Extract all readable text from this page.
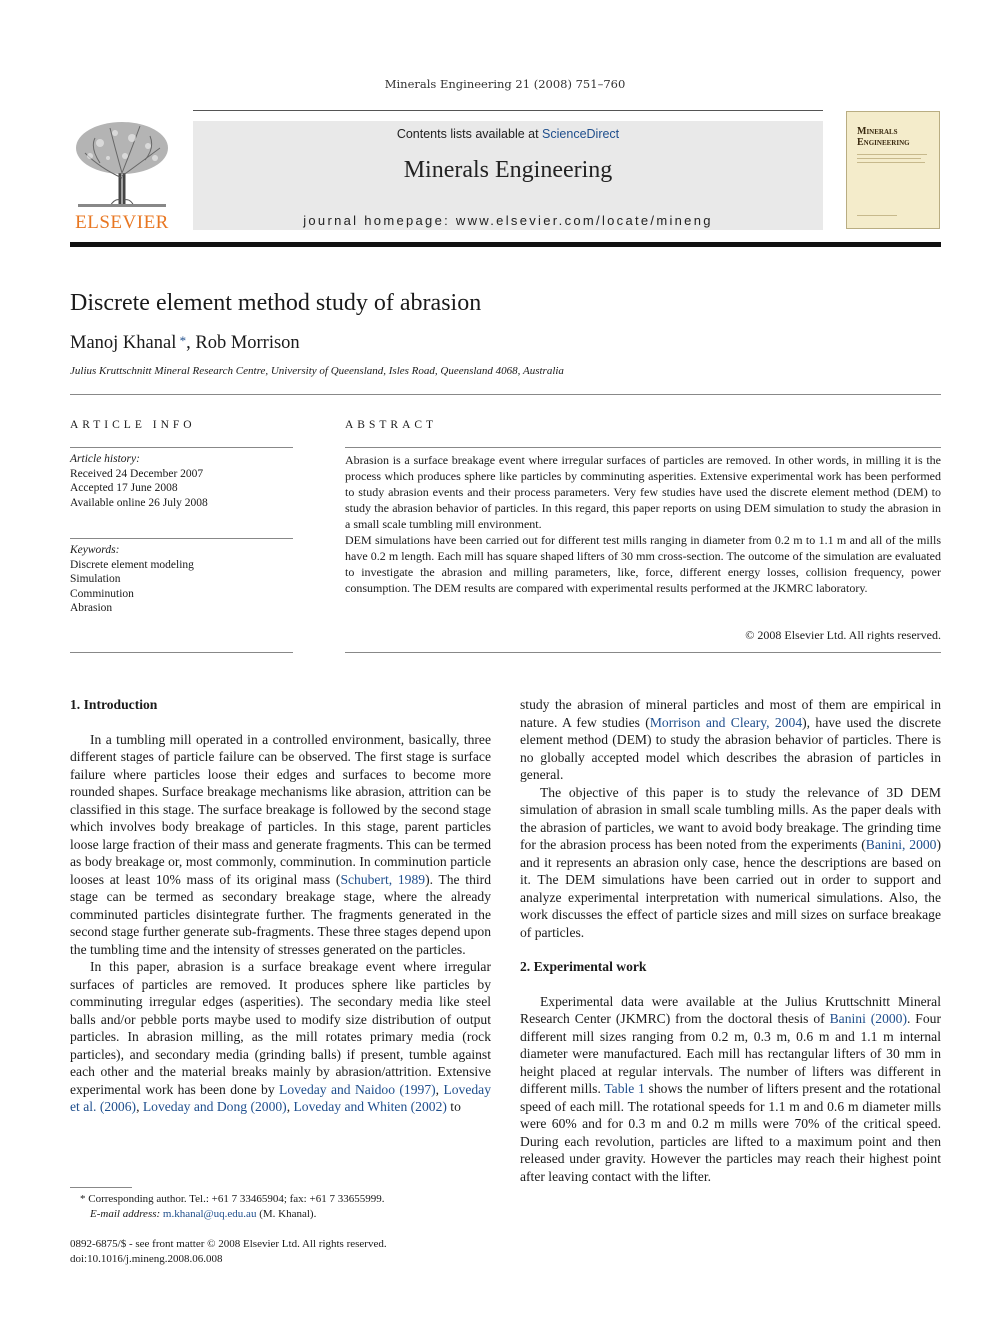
Minerals Engineering 21 (2008) 751–760
ELSEVIER
Contents lists available at ScienceDirect
Minerals Engineering
journal homepage: www.elsevier.com/locate/mineng
Minerals
Engineering
Discrete element method study of abrasion
Manoj Khanal *, Rob Morrison
Julius Kruttschnitt Mineral Research Centre, University of Queensland, Isles Road, Queensland 4068, Australia
ARTICLE INFO
Article history:
Received 24 December 2007
Accepted 17 June 2008
Available online 26 July 2008
Keywords:
Discrete element modeling
Simulation
Comminution
Abrasion
ABSTRACT

Abrasion is a surface breakage event where irregular surfaces of particles are removed. In other words, in milling it is the process which produces sphere like particles by comminuting asperities. Extensive experimental work has been performed to study abrasion events and their process parameters. Very few studies have used the discrete element method (DEM) to study the abrasion behavior of particles. In this regard, this paper reports on using DEM simulation to study the abrasion in a small scale tumbling mill environment.

DEM simulations have been carried out for different test mills ranging in diameter from 0.2 m to 1.1 m and all of the mills have 0.2 m length. Each mill has square shaped lifters of 30 mm cross-section. The outcome of the simulation are evaluated to investigate the abrasion and milling parameters, like, force, different energy losses, collision frequency, power consumption. The DEM results are compared with experimental results performed at the JKMRC laboratory.

© 2008 Elsevier Ltd. All rights reserved.
1. Introduction

In a tumbling mill operated in a controlled environment, basically, three different stages of particle failure can be observed. The first stage is surface failure where particles loose their edges and surfaces to become more rounded shapes. Surface breakage mechanisms like abrasion, attrition can be classified in this stage. The surface breakage is followed by the second stage which involves body breakage of particles. In this stage, parent particles loose large fraction of their mass and generate fragments. This can be termed as body breakage or, most commonly, comminution. In comminution particle looses at least 10% mass of its original mass (Schubert, 1989). The third stage can be termed as secondary breakage stage, where the already comminuted particles disintegrate further. The fragments generated in the second stage further generate sub-fragments. These three stages depend upon the tumbling time and the intensity of stresses generated on the particles.

In this paper, abrasion is a surface breakage event where irregular surfaces of particles are removed. It produces sphere like particles by comminuting irregular edges (asperities). The secondary media like steel balls and/or pebble ports maybe used to modify size distribution of output particles. In abrasion milling, as the mill rotates primary media (rock particles), and secondary media (grinding balls) if present, tumble against each other and the material breaks mainly by abrasion/attrition. Extensive experimental work has been done by Loveday and Naidoo (1997), Loveday et al. (2006), Loveday and Dong (2000), Loveday and Whiten (2002) to

* Corresponding author. Tel.: +61 7 33465904; fax: +61 7 33655999.
E-mail address: m.khanal@uq.edu.au (M. Khanal).
0892-6875/$ - see front matter © 2008 Elsevier Ltd. All rights reserved.
doi:10.1016/j.mineng.2008.06.008

study the abrasion of mineral particles and most of them are empirical in nature. A few studies (Morrison and Cleary, 2004), have used the discrete element method (DEM) to study the abrasion behavior of particles. There is no globally accepted model which describes the abrasion of particles in general.

The objective of this paper is to study the relevance of 3D DEM simulation of abrasion in small scale tumbling mills. As the paper deals with the abrasion of particles, we want to avoid body breakage. The grinding time for the abrasion process has been noted from the experiments (Banini, 2000) and it represents an abrasion only case, hence the descriptions are based on it. The DEM simulations have been carried out in order to support and analyze experimental interpretation with numerical simulations. Also, the work discusses the effect of particle sizes and mill sizes on surface breakage of particles.

2. Experimental work

Experimental data were available at the Julius Kruttschnitt Mineral Research Center (JKMRC) from the doctoral thesis of Banini (2000). Four different mill sizes ranging from 0.2 m, 0.3 m, 0.6 m and 1.1 m internal diameter were manufactured. Each mill has rectangular lifters of 30 mm in height placed at regular intervals. The number of lifters was different in different mills. Table 1 shows the number of lifters present and the rotational speed of each mill. The rotational speeds for 1.1 m and 0.6 m diameter mills were 60% and for 0.3 m and 0.2 m mills were 70% of the critical speed. During each revolution, particles are lifted to a maximum point and then released under gravity. However the particles may reach their highest point after leaving contact with the lifter.
